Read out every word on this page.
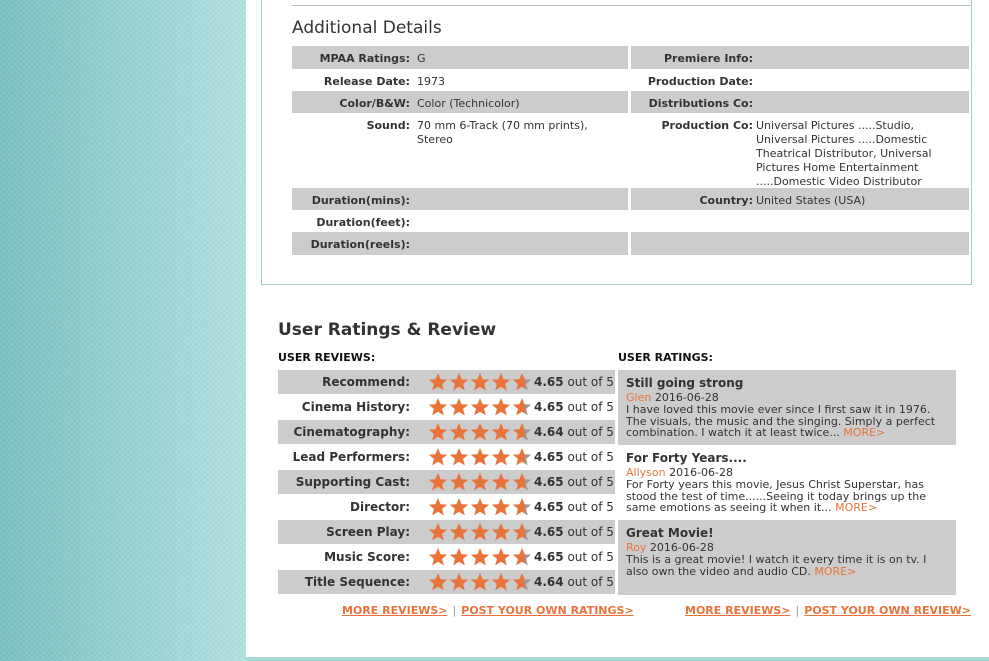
Additional Details
MPAA Ratings: G	Premiere Info:
Release Date: 1973	Production Date:
Color/B&W: Color (Technicolor)	Distributions Co:
Sound: 70 mm 6-Track (70 mm prints), Stereo
Production Co: Universal Pictures .....Studio, Universal Pictures .....Domestic Theatrical Distributor, Universal Pictures Home Entertainment .....Domestic Video Distributor
Duration(mins):	Country: United States (USA)
Duration(feet):
Duration(reels):
User Ratings & Review
USER REVIEWS:	USER RATINGS:
Recommend:	4.65 out of 5
Cinema History:	4.65 out of 5
Cinematography:	4.64 out of 5
Lead Performers:	4.65 out of 5
Supporting Cast:	4.65 out of 5
Director:	4.65 out of 5
Screen Play:	4.65 out of 5
Music Score:	4.65 out of 5
Title Sequence:	4.64 out of 5
Still going strong
Glen 2016-06-28
I have loved this movie ever since I first saw it in 1976. The visuals, the music and the singing. Simply a perfect combination. I watch it at least twice... MORE>
For Forty Years....
Allyson 2016-06-28
For Forty years this movie, Jesus Christ Superstar, has stood the test of time......Seeing it today brings up the same emotions as seeing it when it... MORE>
Great Movie!
Roy 2016-06-28
This is a great movie! I watch it every time it is on tv. I also own the video and audio CD. MORE>
MORE REVIEWS> | POST YOUR OWN RATINGS>	MORE REVIEWS> | POST YOUR OWN REVIEW>
